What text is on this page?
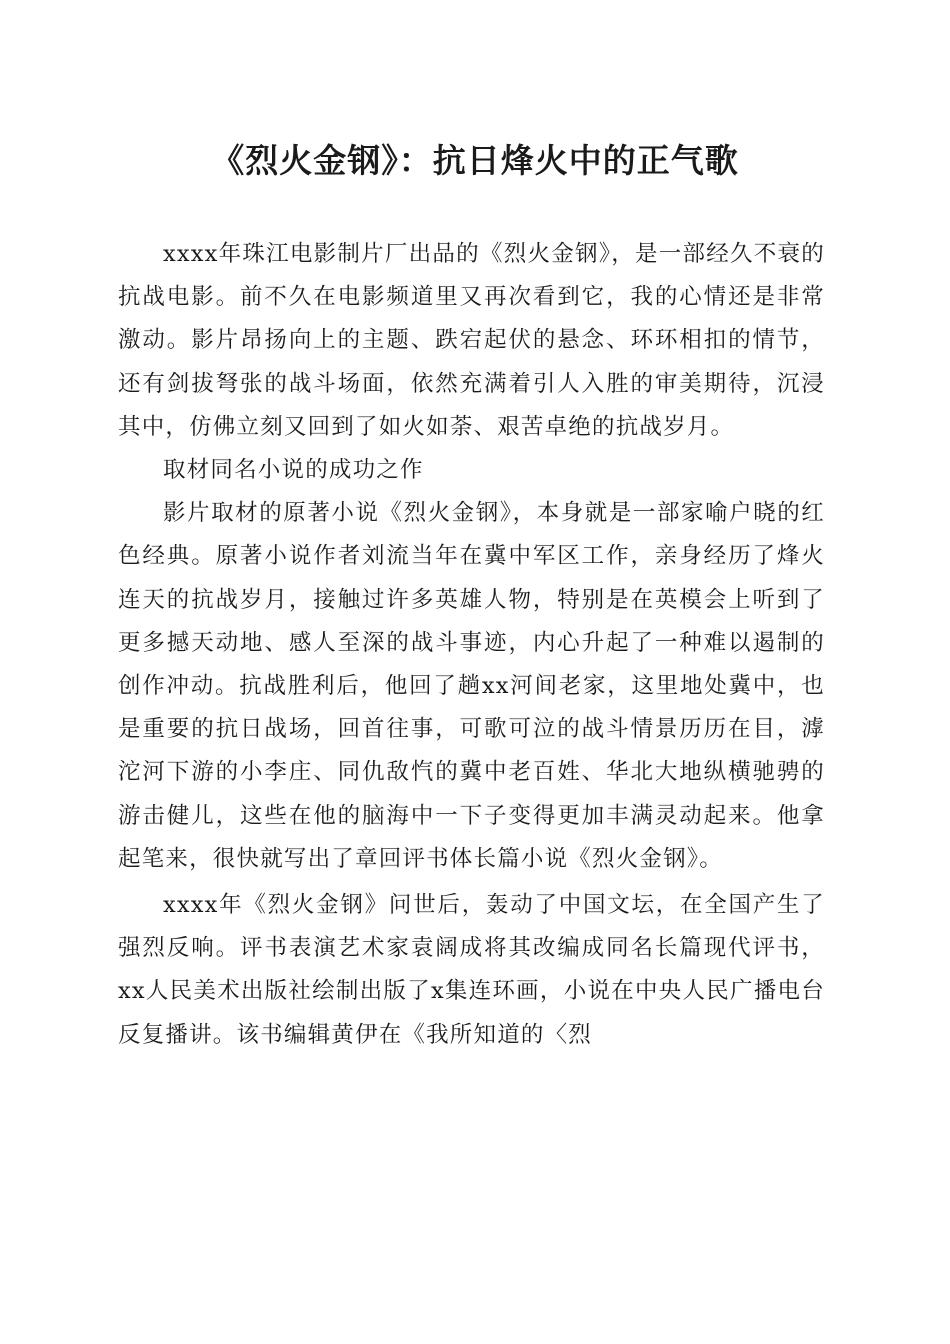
《烈火金钢》：抗日烽火中的正气歌

xxxx年珠江电影制片厂出品的《烈火金钢》，是一部经久不衰的抗战电影。前不久在电影频道里又再次看到它，我的心情还是非常激动。影片昂扬向上的主题、跌宕起伏的悬念、环环相扣的情节，还有剑拔弩张的战斗场面，依然充满着引人入胜的审美期待，沉浸其中，仿佛立刻又回到了如火如荼、艰苦卓绝的抗战岁月。

取材同名小说的成功之作

影片取材的原著小说《烈火金钢》，本身就是一部家喻户晓的红色经典。原著小说作者刘流当年在冀中军区工作，亲身经历了烽火连天的抗战岁月，接触过许多英雄人物，特别是在英模会上听到了更多撼天动地、感人至深的战斗事迹，内心升起了一种难以遏制的创作冲动。抗战胜利后，他回了趟xx河间老家，这里地处冀中，也是重要的抗日战场，回首往事，可歌可泣的战斗情景历历在目，滹沱河下游的小李庄、同仇敌忾的冀中老百姓、华北大地纵横驰骋的游击健儿，这些在他的脑海中一下子变得更加丰满灵动起来。他拿起笔来，很快就写出了章回评书体长篇小说《烈火金钢》。

xxxx年《烈火金钢》问世后，轰动了中国文坛，在全国产生了强烈反响。评书表演艺术家袁阔成将其改编成同名长篇现代评书，xx人民美术出版社绘制出版了x集连环画，小说在中央人民广播电台反复播讲。该书编辑黄伊在《我所知道的〈烈
